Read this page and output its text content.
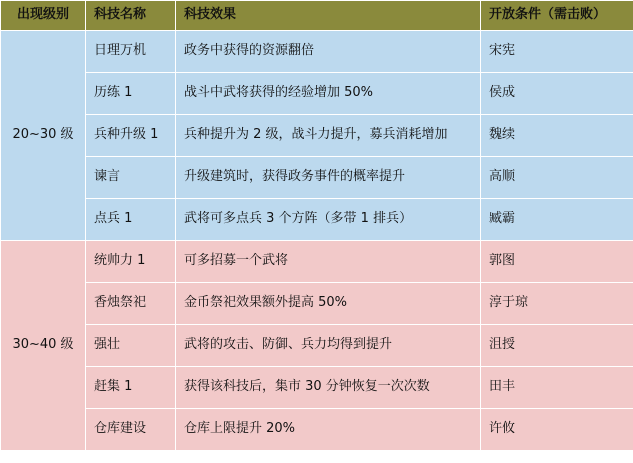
出现级别	科技名称	科技效果	开放条件（需击败）
20~30 级	日理万机	政务中获得的资源翻倍	宋宪
	历练 1	战斗中武将获得的经验增加 50%	侯成
	兵种升级 1	兵种提升为 2 级，战斗力提升，募兵消耗增加	魏续
	谏言	升级建筑时，获得政务事件的概率提升	高顺
	点兵 1	武将可多点兵 3 个方阵（多带 1 排兵）	臧霸
30~40 级	统帅力 1	可多招募一个武将	郭图
	香烛祭祀	金币祭祀效果额外提高 50%	淳于琼
	强壮	武将的攻击、防御、兵力均得到提升	沮授
	赶集 1	获得该科技后，集市 30 分钟恢复一次次数	田丰
	仓库建设	仓库上限提升 20%	许攸
